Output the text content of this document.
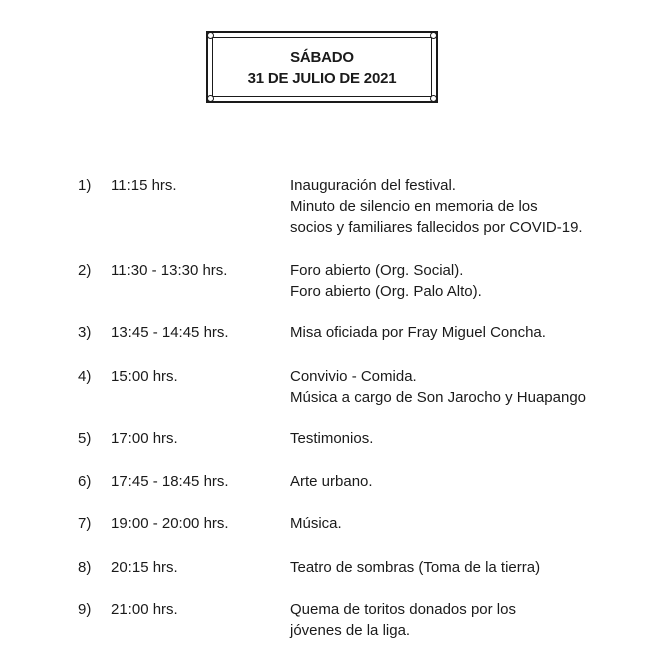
SÁBADO
31 DE JULIO DE 2021
1) 11:15 hrs.	Inauguración del festival.
Minuto de silencio en memoria de los
socios y familiares fallecidos por COVID-19.
2) 11:30 - 13:30 hrs.	Foro abierto (Org. Social).
Foro abierto (Org. Palo Alto).
3) 13:45 - 14:45 hrs.	Misa oficiada por Fray Miguel Concha.
4) 15:00 hrs.	Convivio - Comida.
Música a cargo de Son Jarocho y Huapango
5) 17:00 hrs.	Testimonios.
6) 17:45 - 18:45 hrs.	Arte urbano.
7) 19:00 - 20:00 hrs.	Música.
8) 20:15 hrs.	Teatro de sombras (Toma de la tierra)
9) 21:00 hrs.	Quema de toritos donados por los
jóvenes de la liga.
